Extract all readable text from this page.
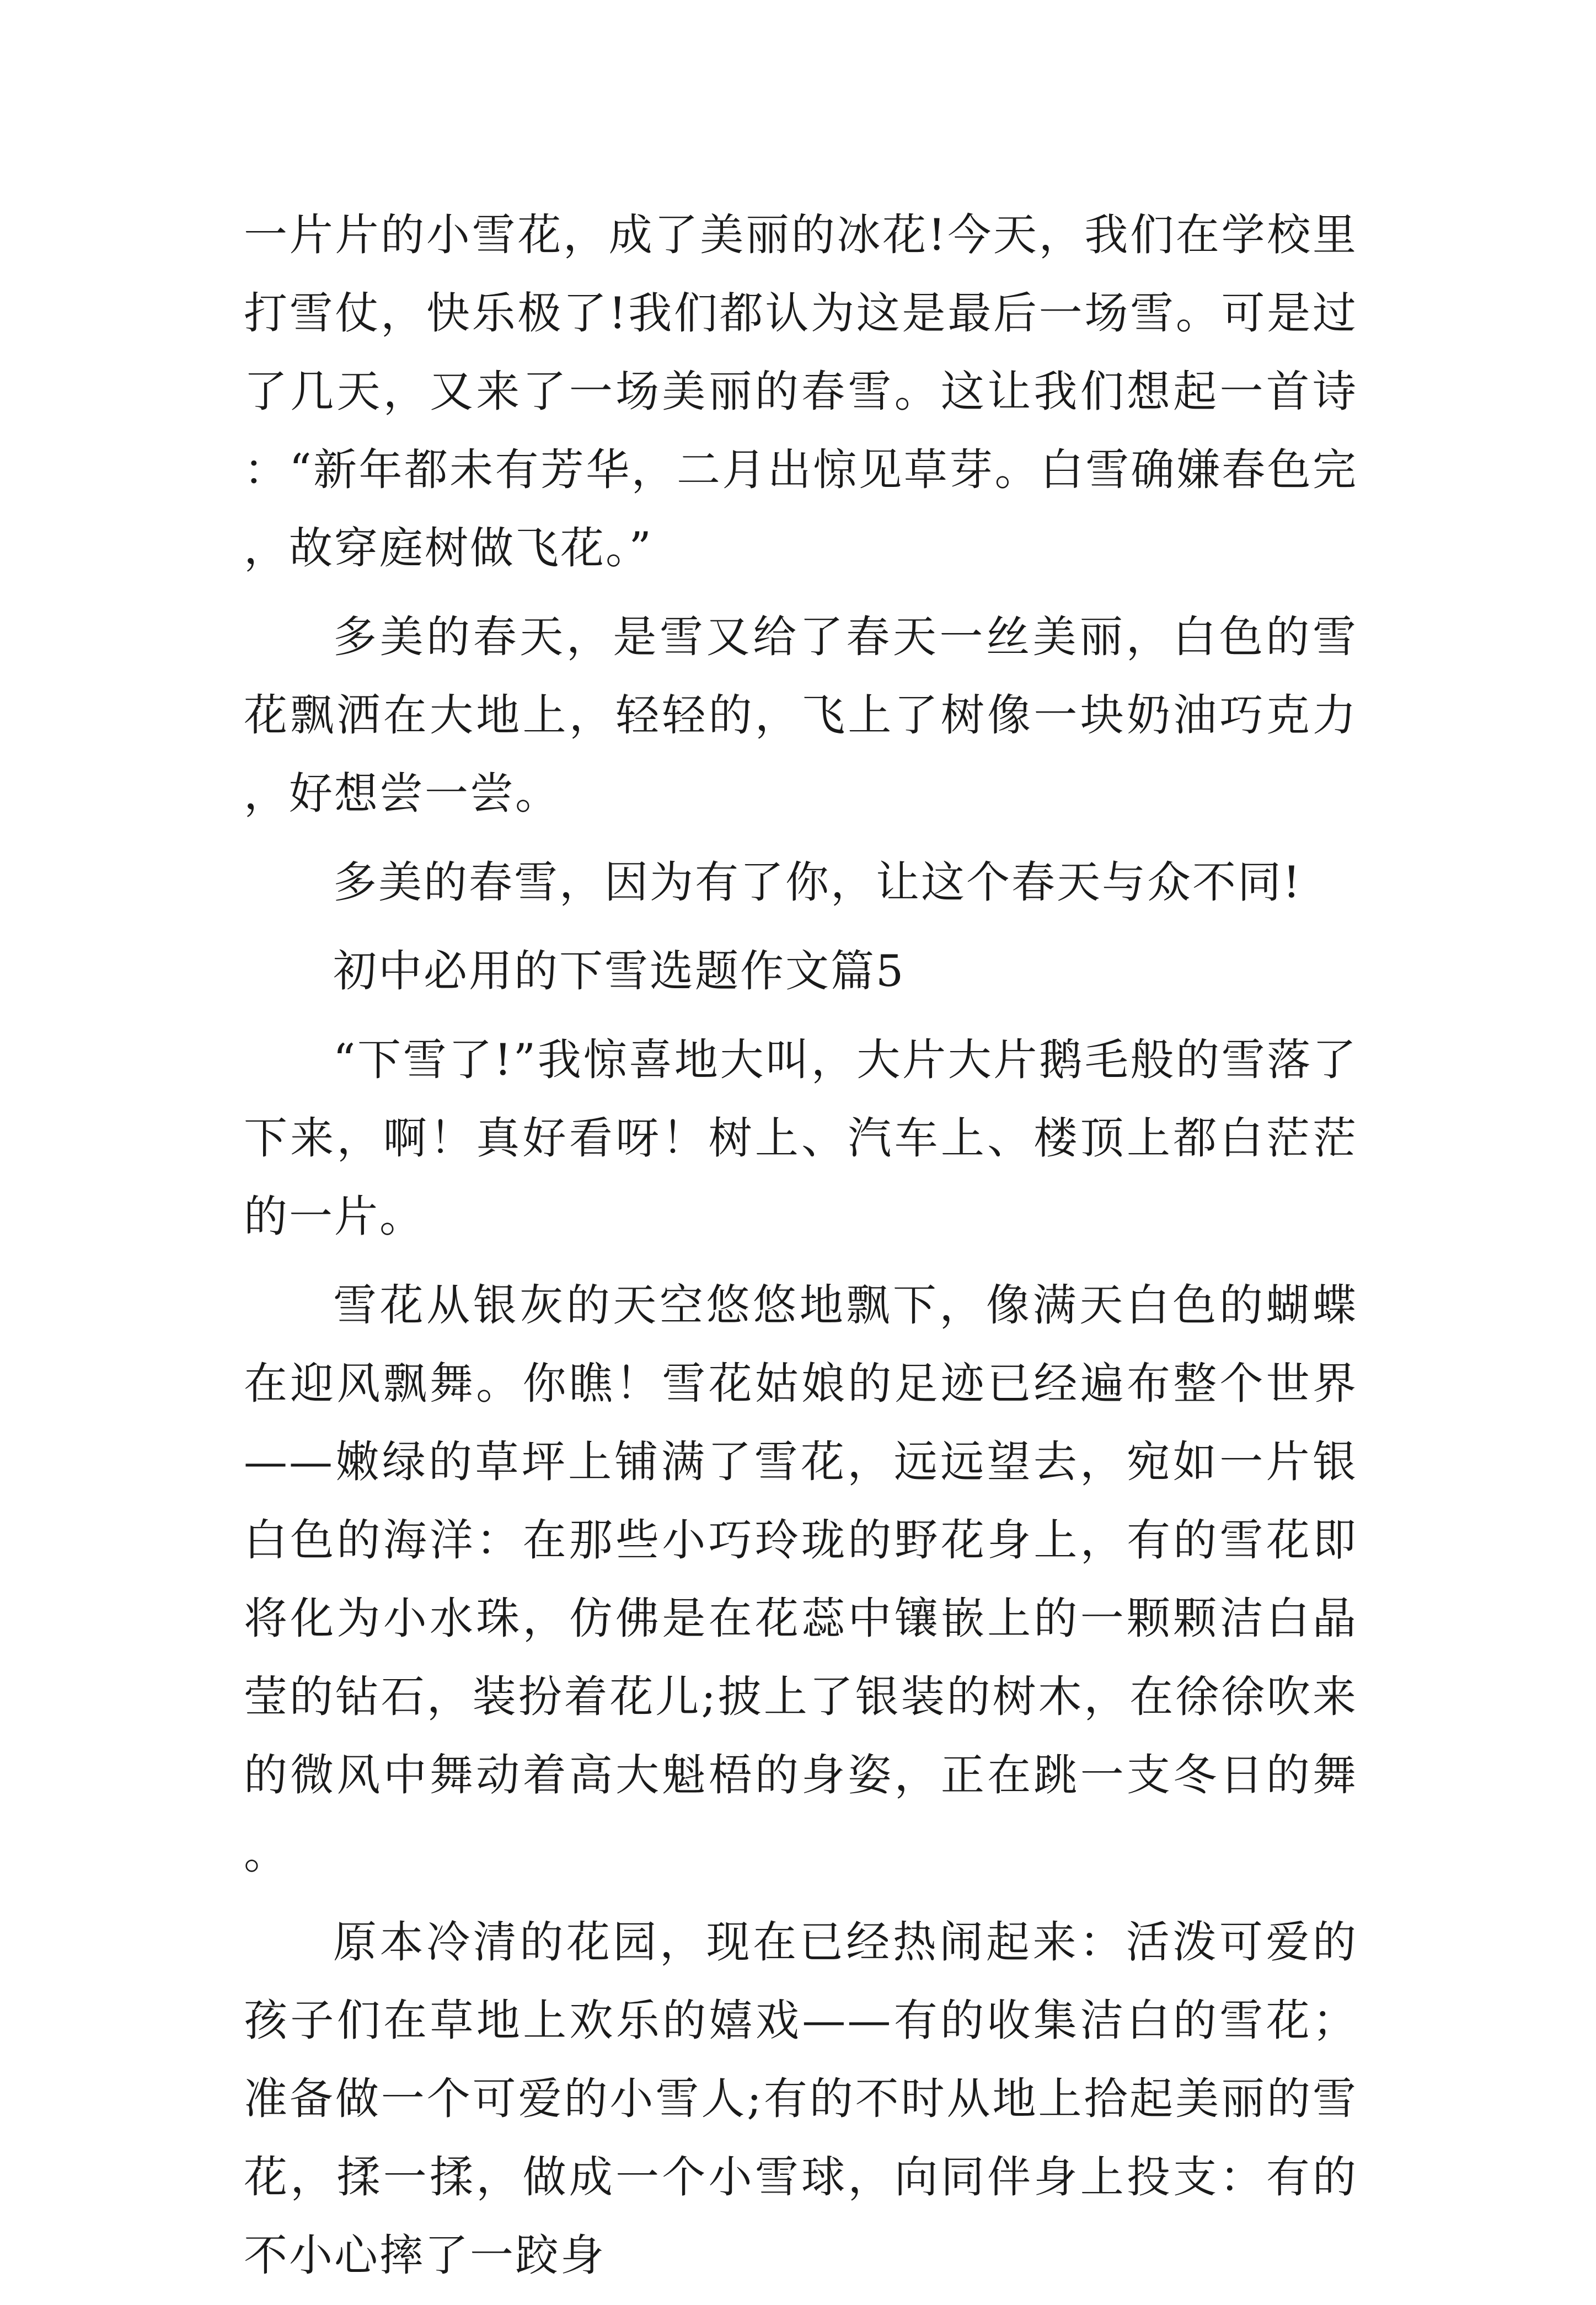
一片片的小雪花，成了美丽的冰花!今天，我们在学校里打雪仗，快乐极了!我们都认为这是最后一场雪。可是过了几天，又来了一场美丽的春雪。这让我们想起一首诗：“新年都未有芳华，二月出惊见草芽。白雪确嫌春色完，故穿庭树做飞花。”

多美的春天，是雪又给了春天一丝美丽，白色的雪花飘洒在大地上，轻轻的，飞上了树像一块奶油巧克力，好想尝一尝。

多美的春雪，因为有了你，让这个春天与众不同!

初中必用的下雪选题作文篇5

“下雪了!”我惊喜地大叫，大片大片鹅毛般的雪落了下来，啊！真好看呀！树上、汽车上、楼顶上都白茫茫的一片。

雪花从银灰的天空悠悠地飘下，像满天白色的蝴蝶在迎风飘舞。你瞧！雪花姑娘的足迹已经遍布整个世界——嫩绿的草坪上铺满了雪花，远远望去，宛如一片银白色的海洋：在那些小巧玲珑的野花身上，有的雪花即将化为小水珠，仿佛是在花蕊中镶嵌上的一颗颗洁白晶莹的钻石，装扮着花儿;披上了银装的树木，在徐徐吹来的微风中舞动着高大魁梧的身姿，正在跳一支冬日的舞。

原本冷清的花园，现在已经热闹起来：活泼可爱的孩子们在草地上欢乐的嬉戏——有的收集洁白的雪花；准备做一个可爱的小雪人;有的不时从地上拾起美丽的雪花，揉一揉，做成一个小雪球，向同伴身上投支：有的不小心摔了一跤身
